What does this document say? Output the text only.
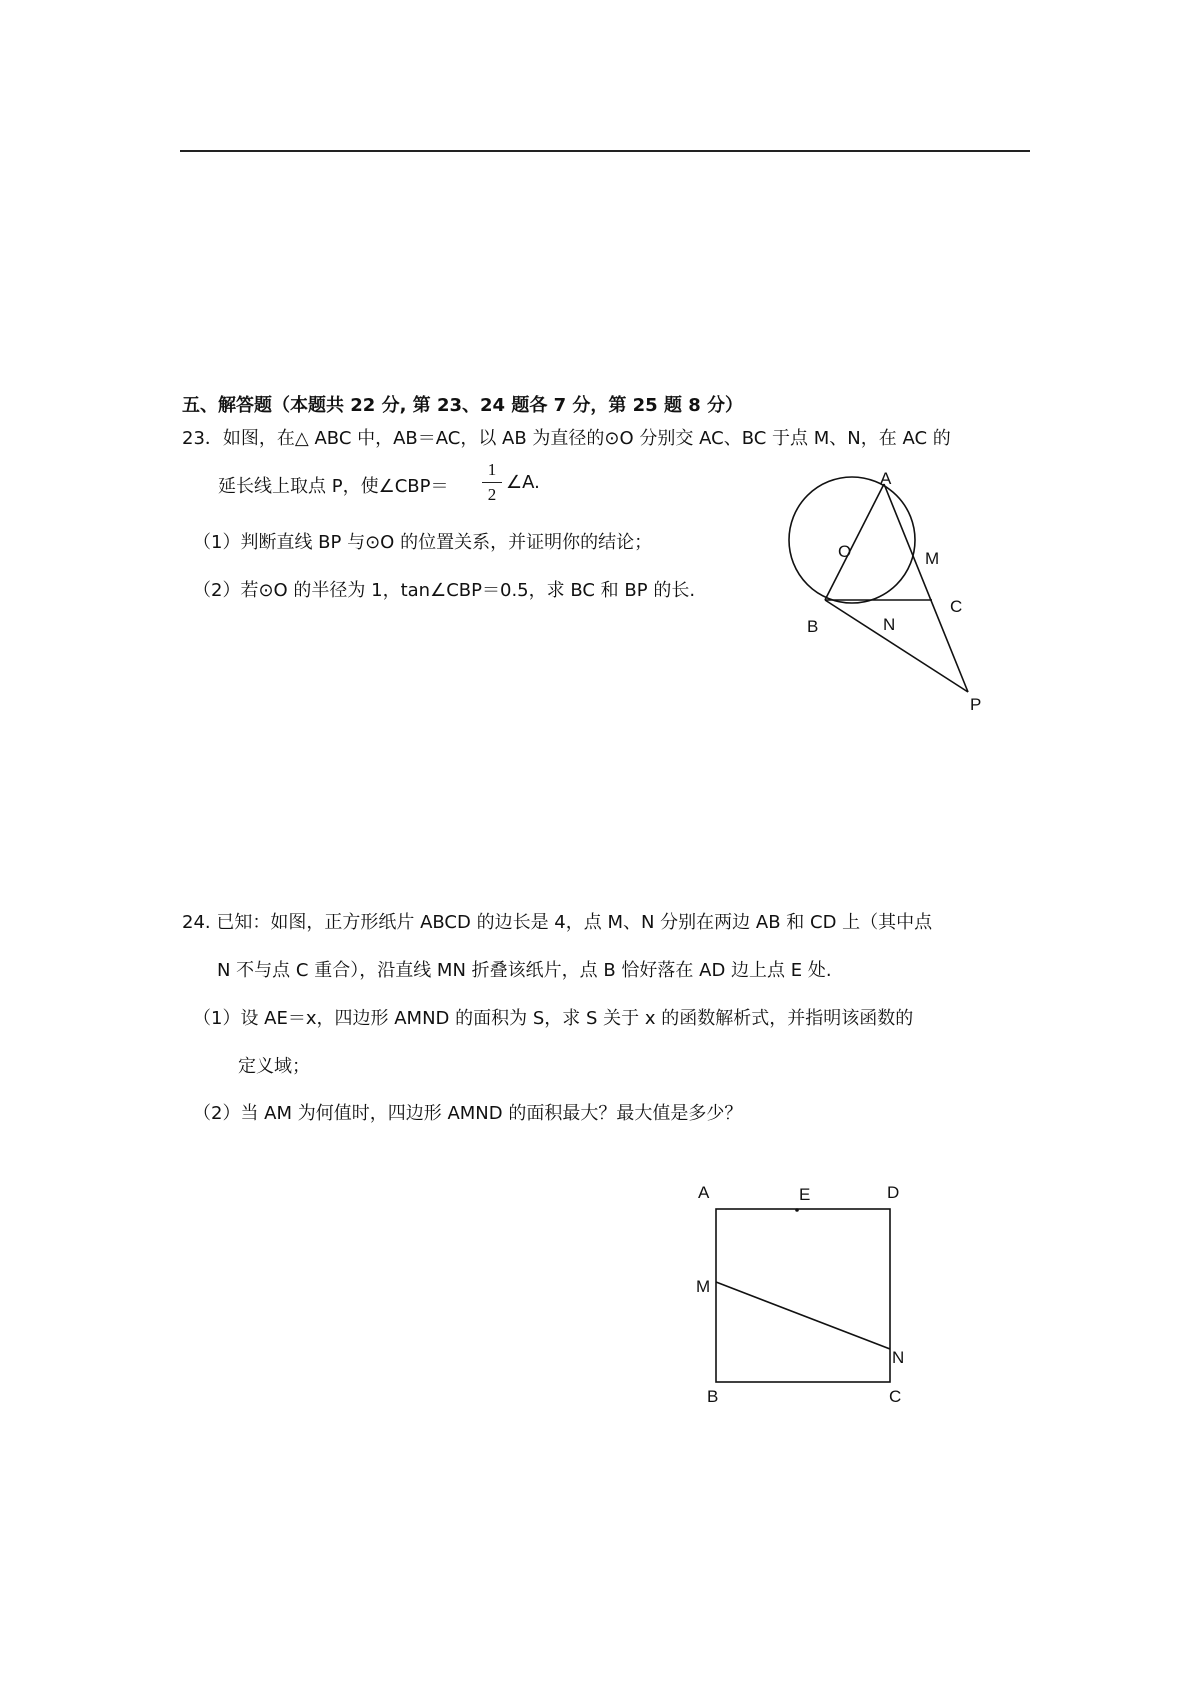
五、解答题（本题共 22 分, 第 23、24 题各 7 分，第 25 题 8 分）
23．如图，在△ ABC 中，AB＝AC，以 AB 为直径的⊙O 分别交 AC、BC 于点 M、N，在 AC 的
延长线上取点 P，使∠CBP＝
1
2
∠A.
（1）判断直线 BP 与⊙O 的位置关系，并证明你的结论；
（2）若⊙O 的半径为 1，tan∠CBP＝0.5，求 BC 和 BP 的长.
24. 已知：如图，正方形纸片 ABCD 的边长是 4，点 M、N 分别在两边 AB 和 CD 上（其中点
N 不与点 C 重合），沿直线 MN 折叠该纸片，点 B 恰好落在 AD 边上点 E 处.
（1）设 AE＝x，四边形 AMND 的面积为 S，求 S 关于 x 的函数解析式，并指明该函数的
定义域；
（2）当 AM 为何值时，四边形 AMND 的面积最大？最大值是多少？
A
O	M
C
B	N
P
A	E	D
M
N
B	C
